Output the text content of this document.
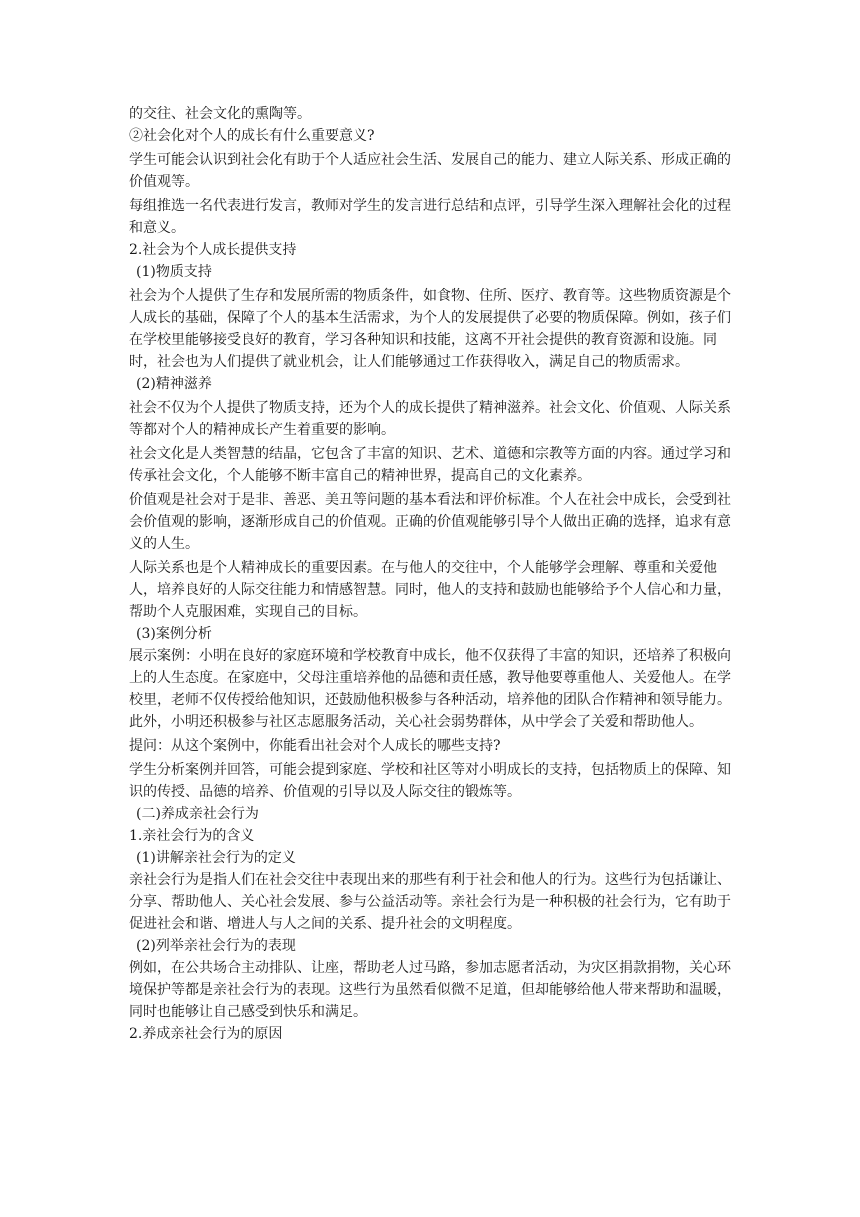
的交往、社会文化的熏陶等。

②社会化对个人的成长有什么重要意义?

学生可能会认识到社会化有助于个人适应社会生活、发展自己的能力、建立人际关系、形成正确的价值观等。

每组推选一名代表进行发言，教师对学生的发言进行总结和点评，引导学生深入理解社会化的过程和意义。

2.社会为个人成长提供支持

(1)物质支持

社会为个人提供了生存和发展所需的物质条件，如食物、住所、医疗、教育等。这些物质资源是个人成长的基础，保障了个人的基本生活需求，为个人的发展提供了必要的物质保障。例如，孩子们在学校里能够接受良好的教育，学习各种知识和技能，这离不开社会提供的教育资源和设施。同时，社会也为人们提供了就业机会，让人们能够通过工作获得收入，满足自己的物质需求。

(2)精神滋养

社会不仅为个人提供了物质支持，还为个人的成长提供了精神滋养。社会文化、价值观、人际关系等都对个人的精神成长产生着重要的影响。

社会文化是人类智慧的结晶，它包含了丰富的知识、艺术、道德和宗教等方面的内容。通过学习和传承社会文化，个人能够不断丰富自己的精神世界，提高自己的文化素养。

价值观是社会对于是非、善恶、美丑等问题的基本看法和评价标准。个人在社会中成长，会受到社会价值观的影响，逐渐形成自己的价值观。正确的价值观能够引导个人做出正确的选择，追求有意义的人生。

人际关系也是个人精神成长的重要因素。在与他人的交往中，个人能够学会理解、尊重和关爱他人，培养良好的人际交往能力和情感智慧。同时，他人的支持和鼓励也能够给予个人信心和力量，帮助个人克服困难，实现自己的目标。

(3)案例分析

展示案例：小明在良好的家庭环境和学校教育中成长，他不仅获得了丰富的知识，还培养了积极向上的人生态度。在家庭中，父母注重培养他的品德和责任感，教导他要尊重他人、关爱他人。在学校里，老师不仅传授给他知识，还鼓励他积极参与各种活动，培养他的团队合作精神和领导能力。此外，小明还积极参与社区志愿服务活动，关心社会弱势群体，从中学会了关爱和帮助他人。

提问：从这个案例中，你能看出社会对个人成长的哪些支持?

学生分析案例并回答，可能会提到家庭、学校和社区等对小明成长的支持，包括物质上的保障、知识的传授、品德的培养、价值观的引导以及人际交往的锻炼等。

(二)养成亲社会行为

1.亲社会行为的含义

(1)讲解亲社会行为的定义

亲社会行为是指人们在社会交往中表现出来的那些有利于社会和他人的行为。这些行为包括谦让、分享、帮助他人、关心社会发展、参与公益活动等。亲社会行为是一种积极的社会行为，它有助于促进社会和谐、增进人与人之间的关系、提升社会的文明程度。

(2)列举亲社会行为的表现

例如，在公共场合主动排队、让座，帮助老人过马路，参加志愿者活动，为灾区捐款捐物，关心环境保护等都是亲社会行为的表现。这些行为虽然看似微不足道，但却能够给他人带来帮助和温暖，同时也能够让自己感受到快乐和满足。

2.养成亲社会行为的原因
